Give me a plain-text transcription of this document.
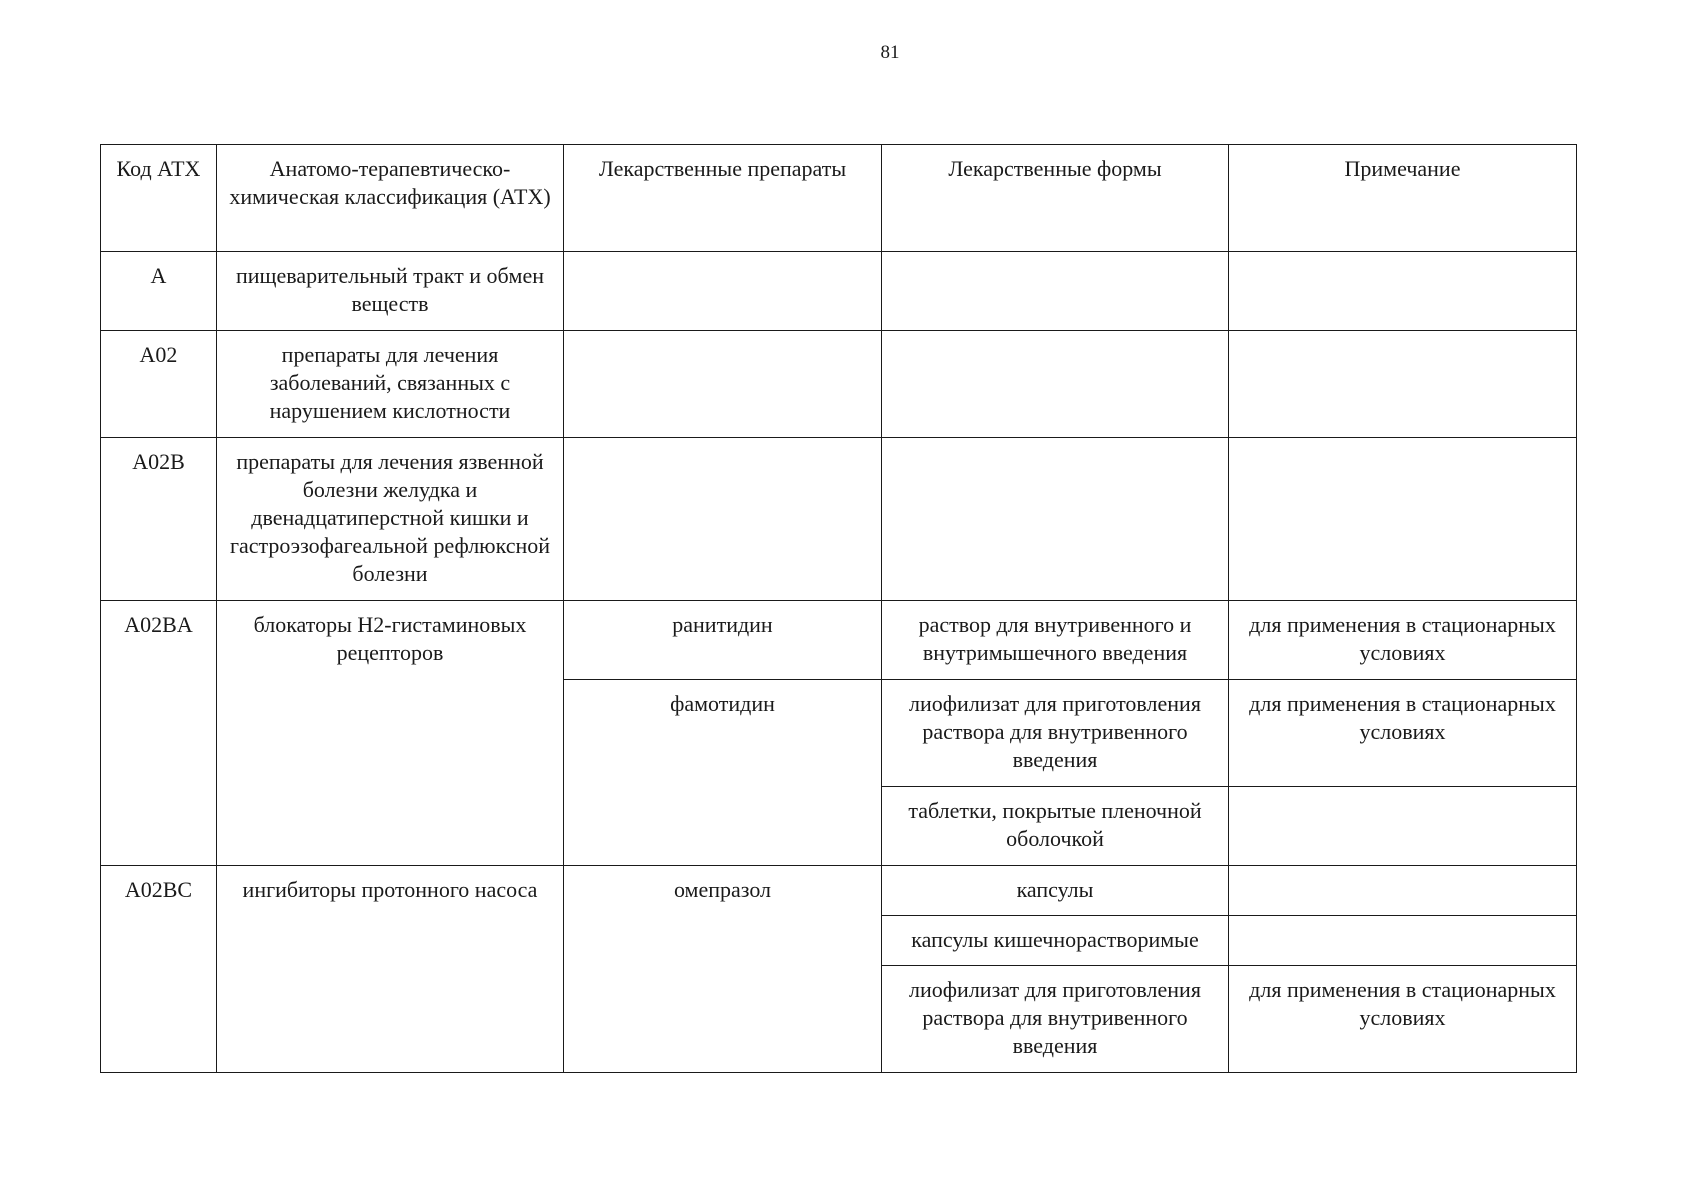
81
Код АТХ	Анатомо-терапевтическо-химическая классификация (АТХ)	Лекарственные препараты	Лекарственные формы	Примечание
A	пищеварительный тракт и обмен веществ			
A02	препараты для лечения заболеваний, связанных с нарушением кислотности			
A02B	препараты для лечения язвенной болезни желудка и двенадцатиперстной кишки и гастроэзофагеальной рефлюксной болезни			
A02BA	блокаторы H2-гистаминовых рецепторов	ранитидин	раствор для внутривенного и внутримышечного введения	для применения в стационарных условиях
		фамотидин	лиофилизат для приготовления раствора для внутривенного введения	для применения в стационарных условиях
			таблетки, покрытые пленочной оболочкой	
A02BC	ингибиторы протонного насоса	омепразол	капсулы	
			капсулы кишечнорастворимые	
			лиофилизат для приготовления раствора для внутривенного введения	для применения в стационарных условиях
